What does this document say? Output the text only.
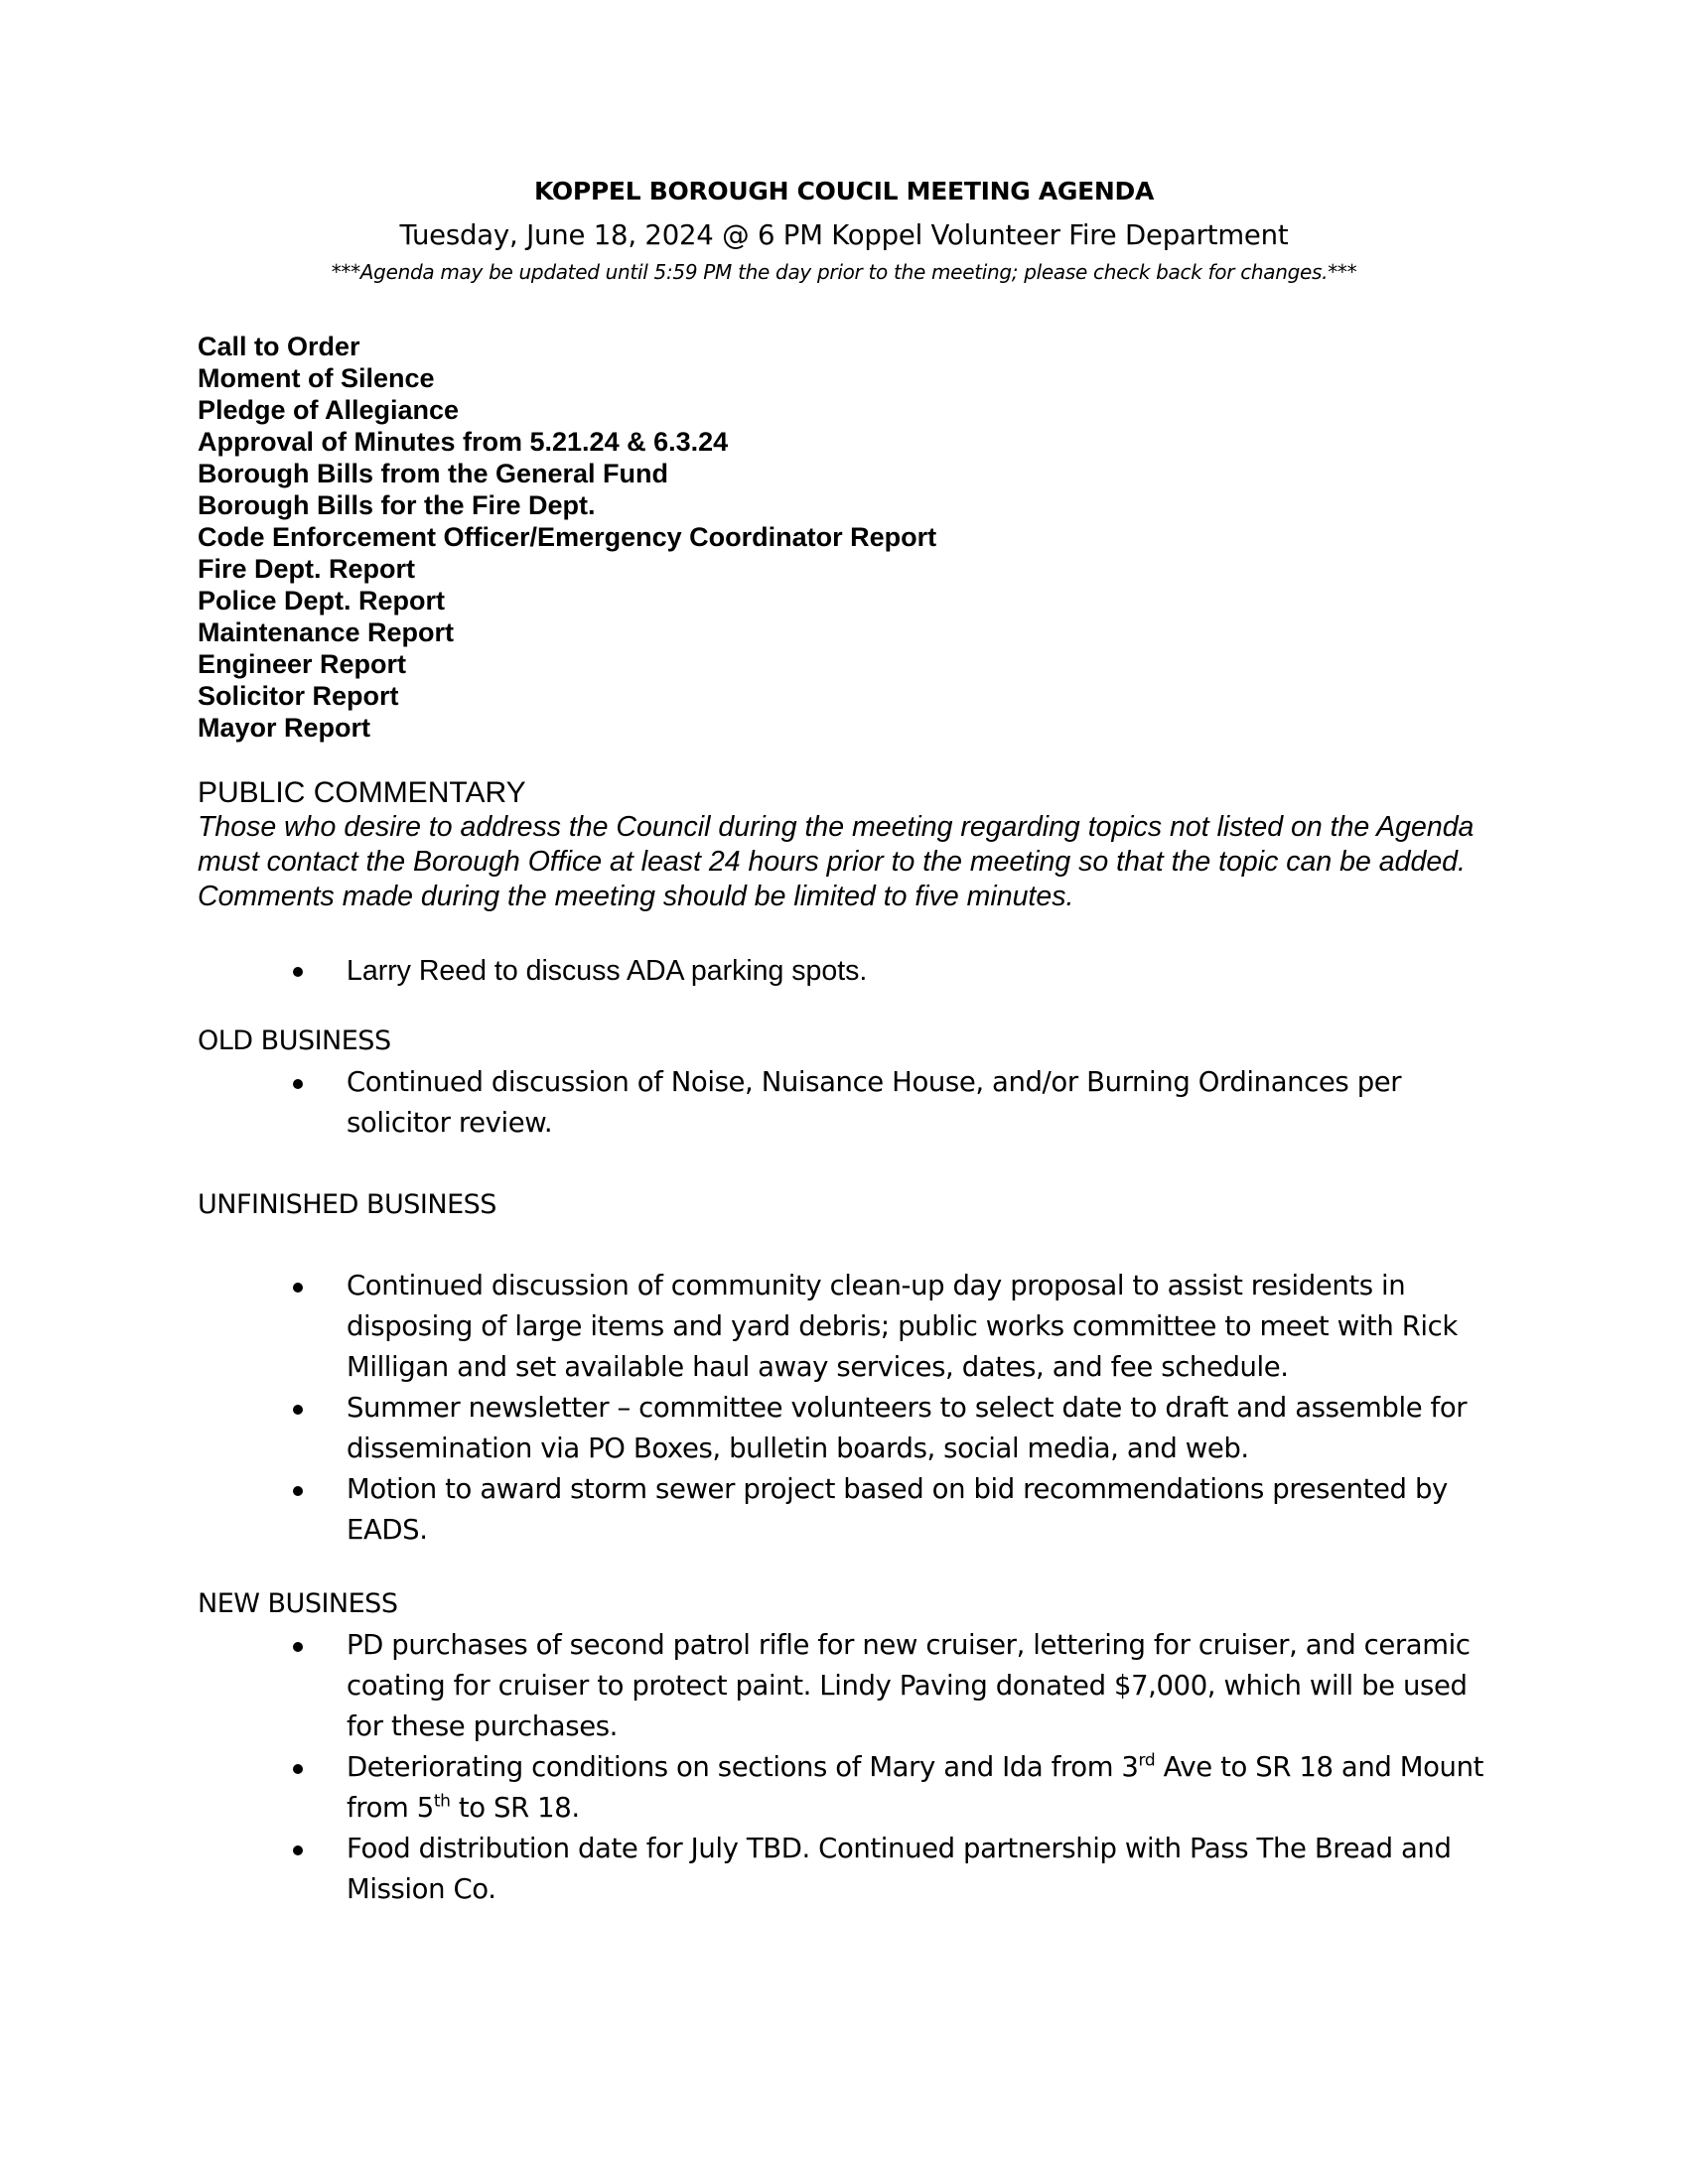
KOPPEL BOROUGH COUCIL MEETING AGENDA
Tuesday, June 18, 2024 @ 6 PM Koppel Volunteer Fire Department
***Agenda may be updated until 5:59 PM the day prior to the meeting; please check back for changes.***
Call to Order
Moment of Silence
Pledge of Allegiance
Approval of Minutes from 5.21.24 & 6.3.24
Borough Bills from the General Fund
Borough Bills for the Fire Dept.
Code Enforcement Officer/Emergency Coordinator Report
Fire Dept. Report
Police Dept. Report
Maintenance Report
Engineer Report
Solicitor Report
Mayor Report
PUBLIC COMMENTARY
Those who desire to address the Council during the meeting regarding topics not listed on the Agenda must contact the Borough Office at least 24 hours prior to the meeting so that the topic can be added. Comments made during the meeting should be limited to five minutes.
Larry Reed to discuss ADA parking spots.
OLD BUSINESS
Continued discussion of Noise, Nuisance House, and/or Burning Ordinances per solicitor review.
UNFINISHED BUSINESS
Continued discussion of community clean-up day proposal to assist residents in disposing of large items and yard debris; public works committee to meet with Rick Milligan and set available haul away services, dates, and fee schedule.
Summer newsletter – committee volunteers to select date to draft and assemble for dissemination via PO Boxes, bulletin boards, social media, and web.
Motion to award storm sewer project based on bid recommendations presented by EADS.
NEW BUSINESS
PD purchases of second patrol rifle for new cruiser, lettering for cruiser, and ceramic coating for cruiser to protect paint. Lindy Paving donated $7,000, which will be used for these purchases.
Deteriorating conditions on sections of Mary and Ida from 3rd Ave to SR 18 and Mount from 5th to SR 18.
Food distribution date for July TBD. Continued partnership with Pass The Bread and Mission Co.
